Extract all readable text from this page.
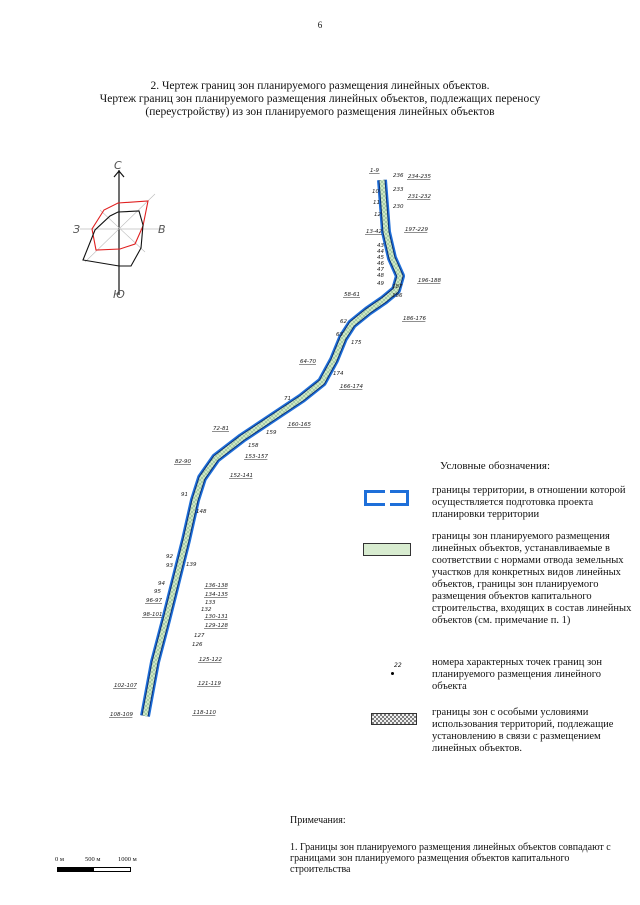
6
2. Чертеж границ зон планируемого размещения линейных объектов.
Чертеж границ зон планируемого размещения линейных объектов, подлежащих переносу
(переустройству) из зон планируемого размещения линейных объектов
С
Ю
З	В
1-9
236 234-235
10	233
231-232
11
230
12
13-42	197-229
43
44
45
46
47
48
49	196-188
187
186
58-61
186-176
62
63
175
64-70
174
166-174
71
160-165
159
72-81
158
153-157
82-90
152-141
91
148
92
93 139
94
95
96-97
136-138
134-135
133
132
98-101	130-131
129-128
127
126
125-122
121-119
102-107
108-109	118-110
Условные обозначения:
границы территории, в отношении которой осуществляется подготовка проекта планировки территории
границы зон планируемого размещения линейных объектов, устанавливаемые в соответствии с нормами отвода земельных участков для конкретных видов линейных объектов, границы зон планируемого размещения объектов капитального строительства, входящих в состав линейных объектов (см. примечание п. 1)
22	номера характерных точек границ зон планируемого размещения линейного объекта
границы зон с особыми условиями использования территорий, подлежащие установлению в связи с размещением линейных объектов.
Примечания:
1. Границы зон планируемого размещения линейных объектов совпадают с границами зон планируемого размещения объектов капитального строительства
0 м	500 м	1000 м
